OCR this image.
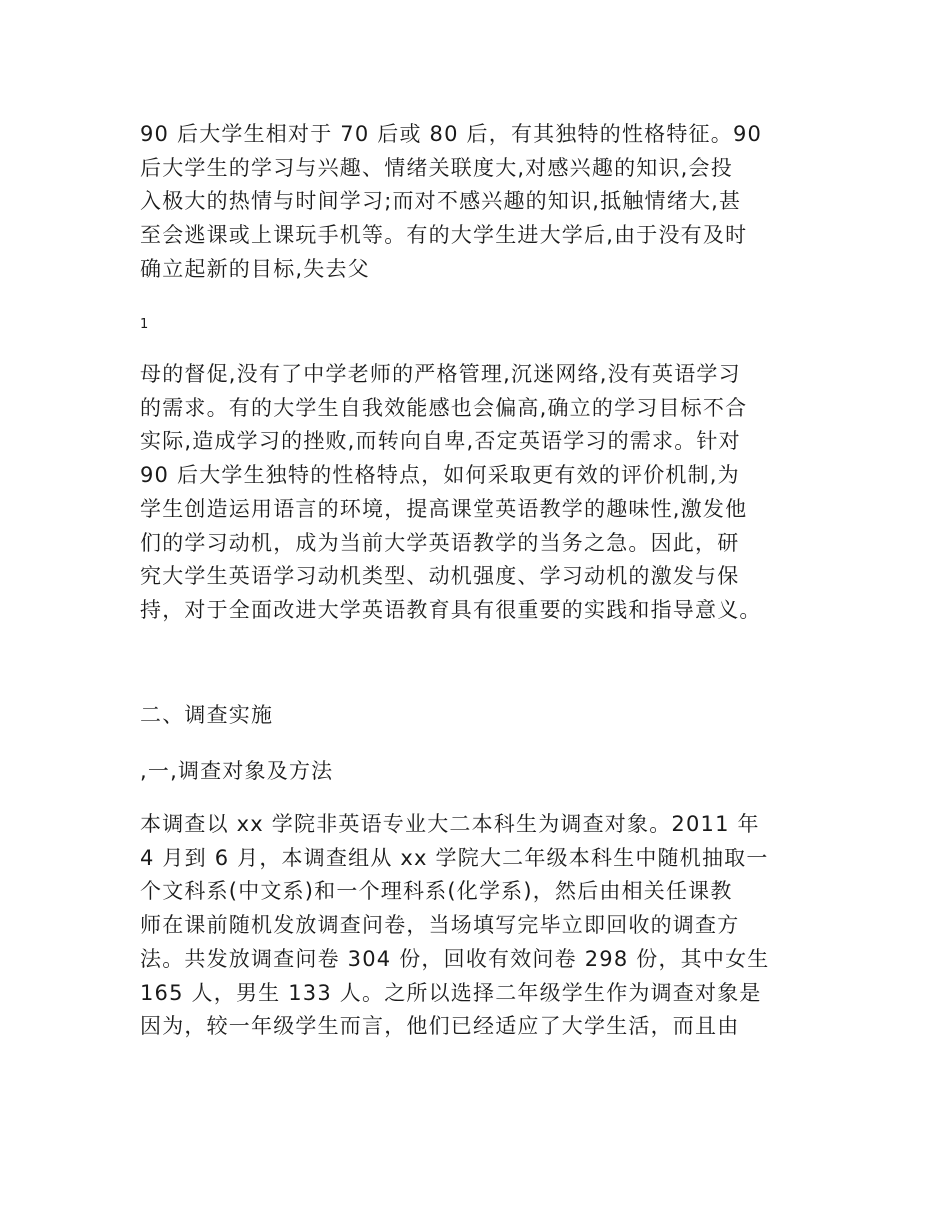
90 后大学生相对于 70 后或 80 后，有其独特的性格特征。90
后大学生的学习与兴趣、情绪关联度大,对感兴趣的知识,会投
入极大的热情与时间学习;而对不感兴趣的知识,抵触情绪大,甚
至会逃课或上课玩手机等。有的大学生进大学后,由于没有及时
确立起新的目标,失去父
1
母的督促,没有了中学老师的严格管理,沉迷网络,没有英语学习
的需求。有的大学生自我效能感也会偏高,确立的学习目标不合
实际,造成学习的挫败,而转向自卑,否定英语学习的需求。针对
90 后大学生独特的性格特点，如何采取更有效的评价机制,为
学生创造运用语言的环境，提高课堂英语教学的趣味性,激发他
们的学习动机，成为当前大学英语教学的当务之急。因此，研
究大学生英语学习动机类型、动机强度、学习动机的激发与保
持，对于全面改进大学英语教育具有很重要的实践和指导意义。
二、调查实施
,一,调查对象及方法
本调查以 xx 学院非英语专业大二本科生为调查对象。2011 年
4 月到 6 月，本调查组从 xx 学院大二年级本科生中随机抽取一
个文科系(中文系)和一个理科系(化学系)，然后由相关任课教
师在课前随机发放调查问卷，当场填写完毕立即回收的调查方
法。共发放调查问卷 304 份，回收有效问卷 298 份，其中女生
165 人，男生 133 人。之所以选择二年级学生作为调查对象是
因为，较一年级学生而言，他们已经适应了大学生活，而且由
